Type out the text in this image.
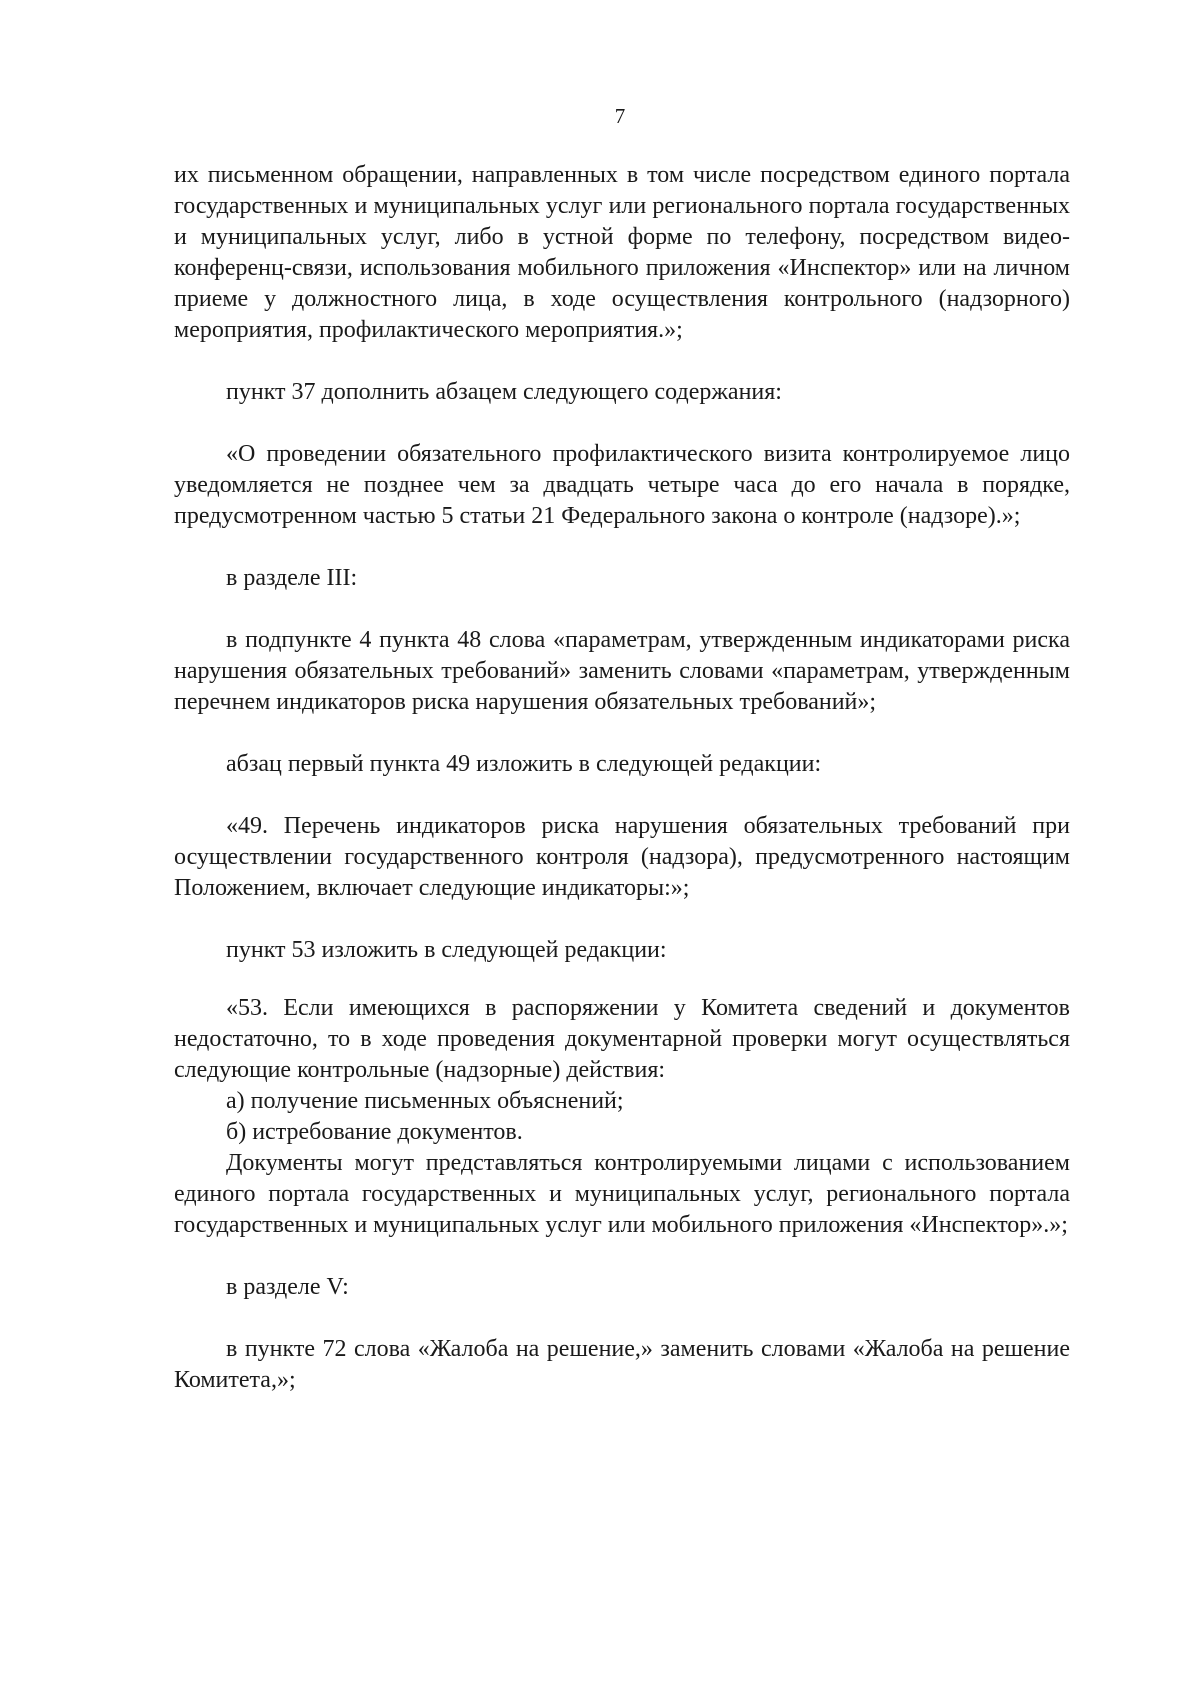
7

их письменном обращении, направленных в том числе посредством единого портала государственных и муниципальных услуг или регионального портала государственных и муниципальных услуг, либо в устной форме по телефону, посредством видео-конференц-связи, использования мобильного приложения «Инспектор» или на личном приеме у должностного лица, в ходе осуществления контрольного (надзорного) мероприятия, профилактического мероприятия.»;

пункт 37 дополнить абзацем следующего содержания:

«О проведении обязательного профилактического визита контролируемое лицо уведомляется не позднее чем за двадцать четыре часа до его начала в порядке, предусмотренном частью 5 статьи 21 Федерального закона о контроле (надзоре).»;

в разделе III:

в подпункте 4 пункта 48 слова «параметрам, утвержденным индикаторами риска нарушения обязательных требований» заменить словами «параметрам, утвержденным перечнем индикаторов риска нарушения обязательных требований»;

абзац первый пункта 49 изложить в следующей редакции:

«49. Перечень индикаторов риска нарушения обязательных требований при осуществлении государственного контроля (надзора), предусмотренного настоящим Положением, включает следующие индикаторы:»;

пункт 53 изложить в следующей редакции:

«53. Если имеющихся в распоряжении у Комитета сведений и документов недостаточно, то в ходе проведения документарной проверки могут осуществляться следующие контрольные (надзорные) действия:

а) получение письменных объяснений;

б) истребование документов.

Документы могут представляться контролируемыми лицами с использованием единого портала государственных и муниципальных услуг, регионального портала государственных и муниципальных услуг или мобильного приложения «Инспектор».»;

в разделе V:

в пункте 72 слова «Жалоба на решение,» заменить словами «Жалоба на решение Комитета,»;
